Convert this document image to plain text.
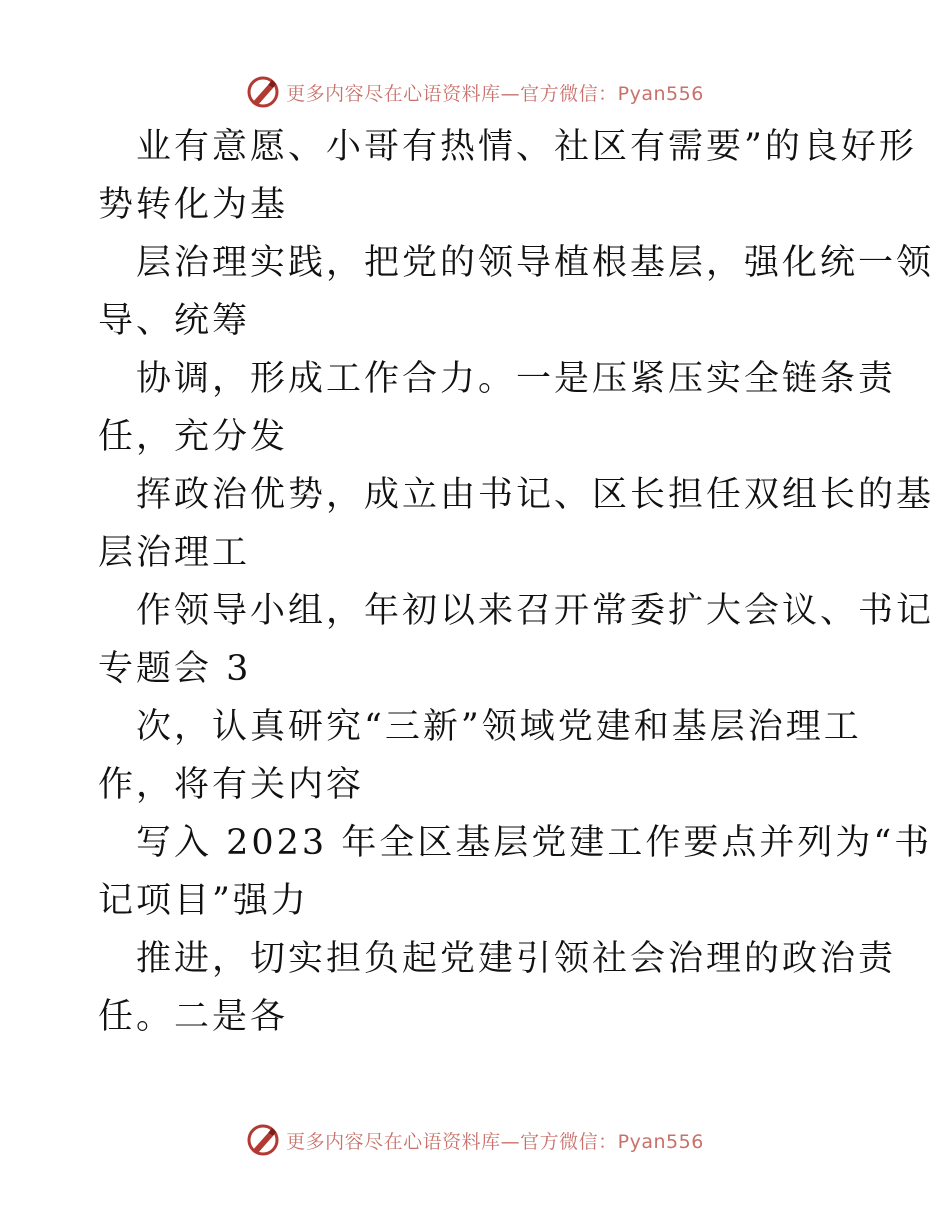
更多内容尽在心语资料库—官方微信：Pyan556

业有意愿、小哥有热情、社区有需要”的良好形
势转化为基

层治理实践，把党的领导植根基层，强化统一领
导、统筹

协调，形成工作合力。一是压紧压实全链条责
任，充分发

挥政治优势，成立由书记、区长担任双组长的基
层治理工

作领导小组，年初以来召开常委扩大会议、书记
专题会 3

次，认真研究“三新”领域党建和基层治理工
作，将有关内容

写入 2023 年全区基层党建工作要点并列为“书
记项目”强力

推进，切实担负起党建引领社会治理的政治责
任。二是各

更多内容尽在心语资料库—官方微信：Pyan556
